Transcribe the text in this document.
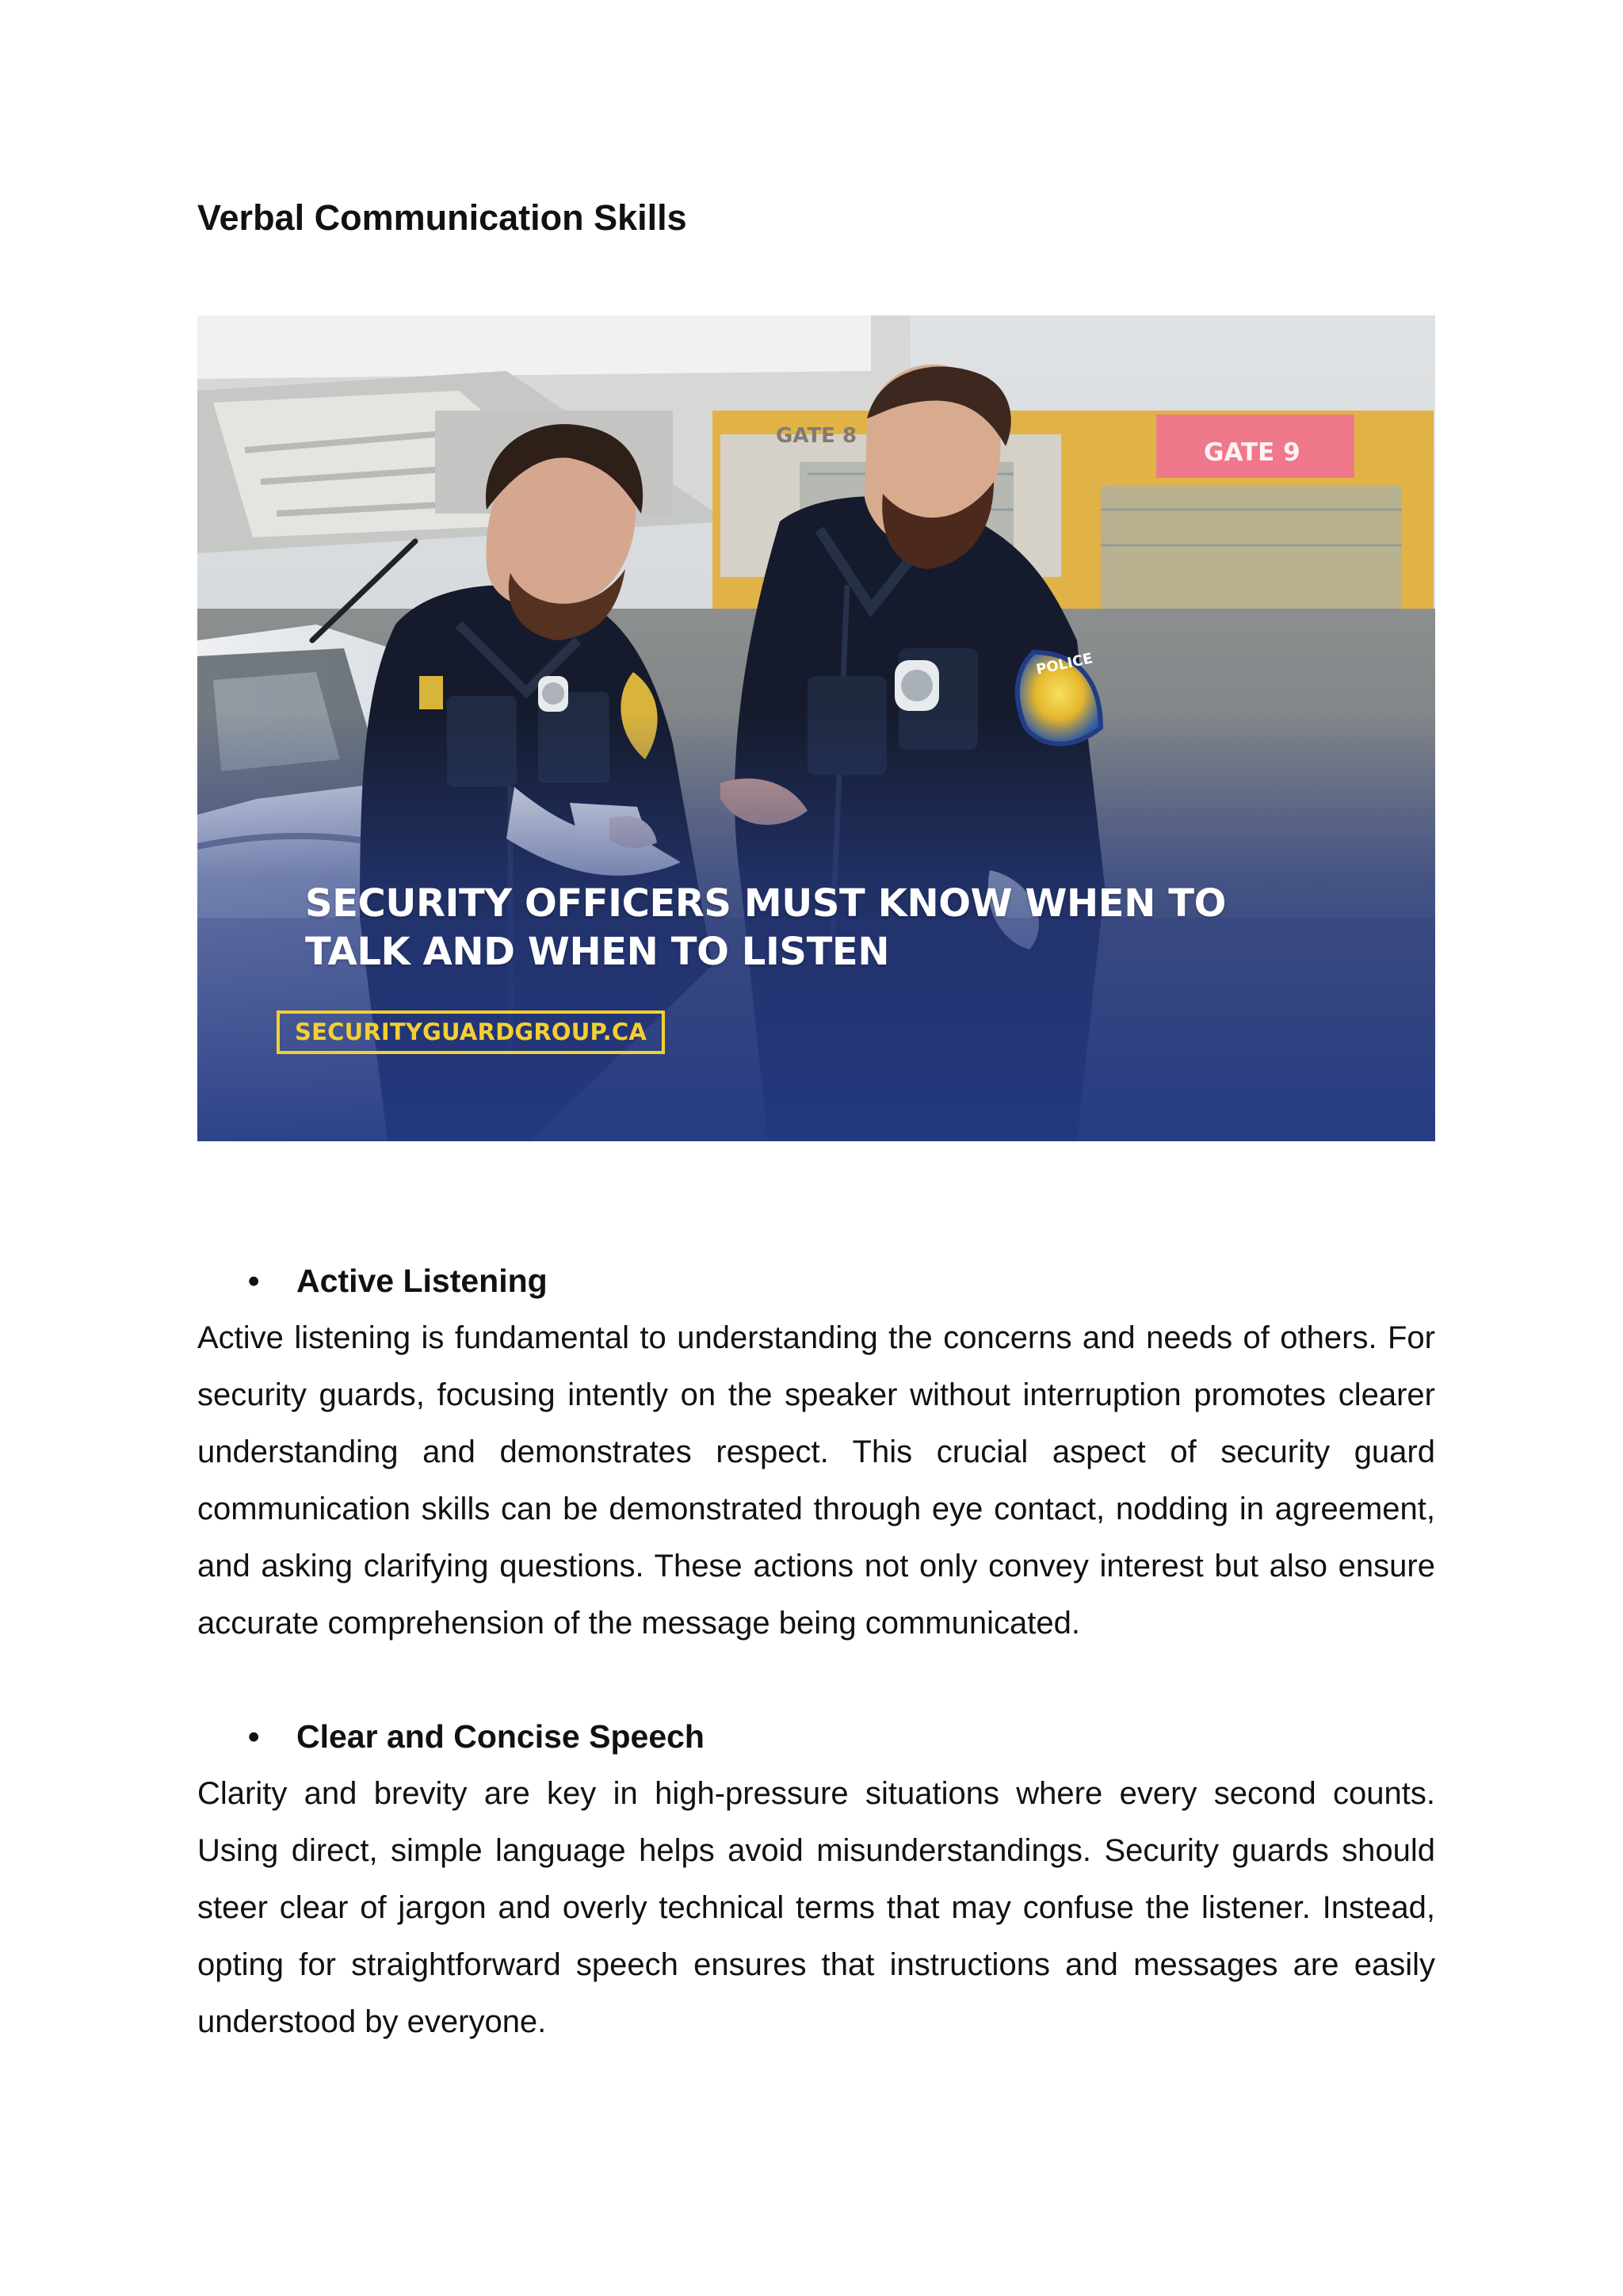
Verbal Communication Skills
SECURITY OFFICERS MUST KNOW WHEN TO
TALK AND WHEN TO LISTEN
SECURITYGUARDGROUP.CA
• Active Listening

Active listening is fundamental to understanding the concerns and needs of others. For security guards, focusing intently on the speaker without interruption promotes clearer understanding and demonstrates respect. This crucial aspect of security guard communication skills can be demonstrated through eye contact, nodding in agreement, and asking clarifying questions. These actions not only convey interest but also ensure accurate comprehension of the message being communicated.

• Clear and Concise Speech

Clarity and brevity are key in high-pressure situations where every second counts. Using direct, simple language helps avoid misunderstandings. Security guards should steer clear of jargon and overly technical terms that may confuse the listener. Instead, opting for straightforward speech ensures that instructions and messages are easily understood by everyone.
